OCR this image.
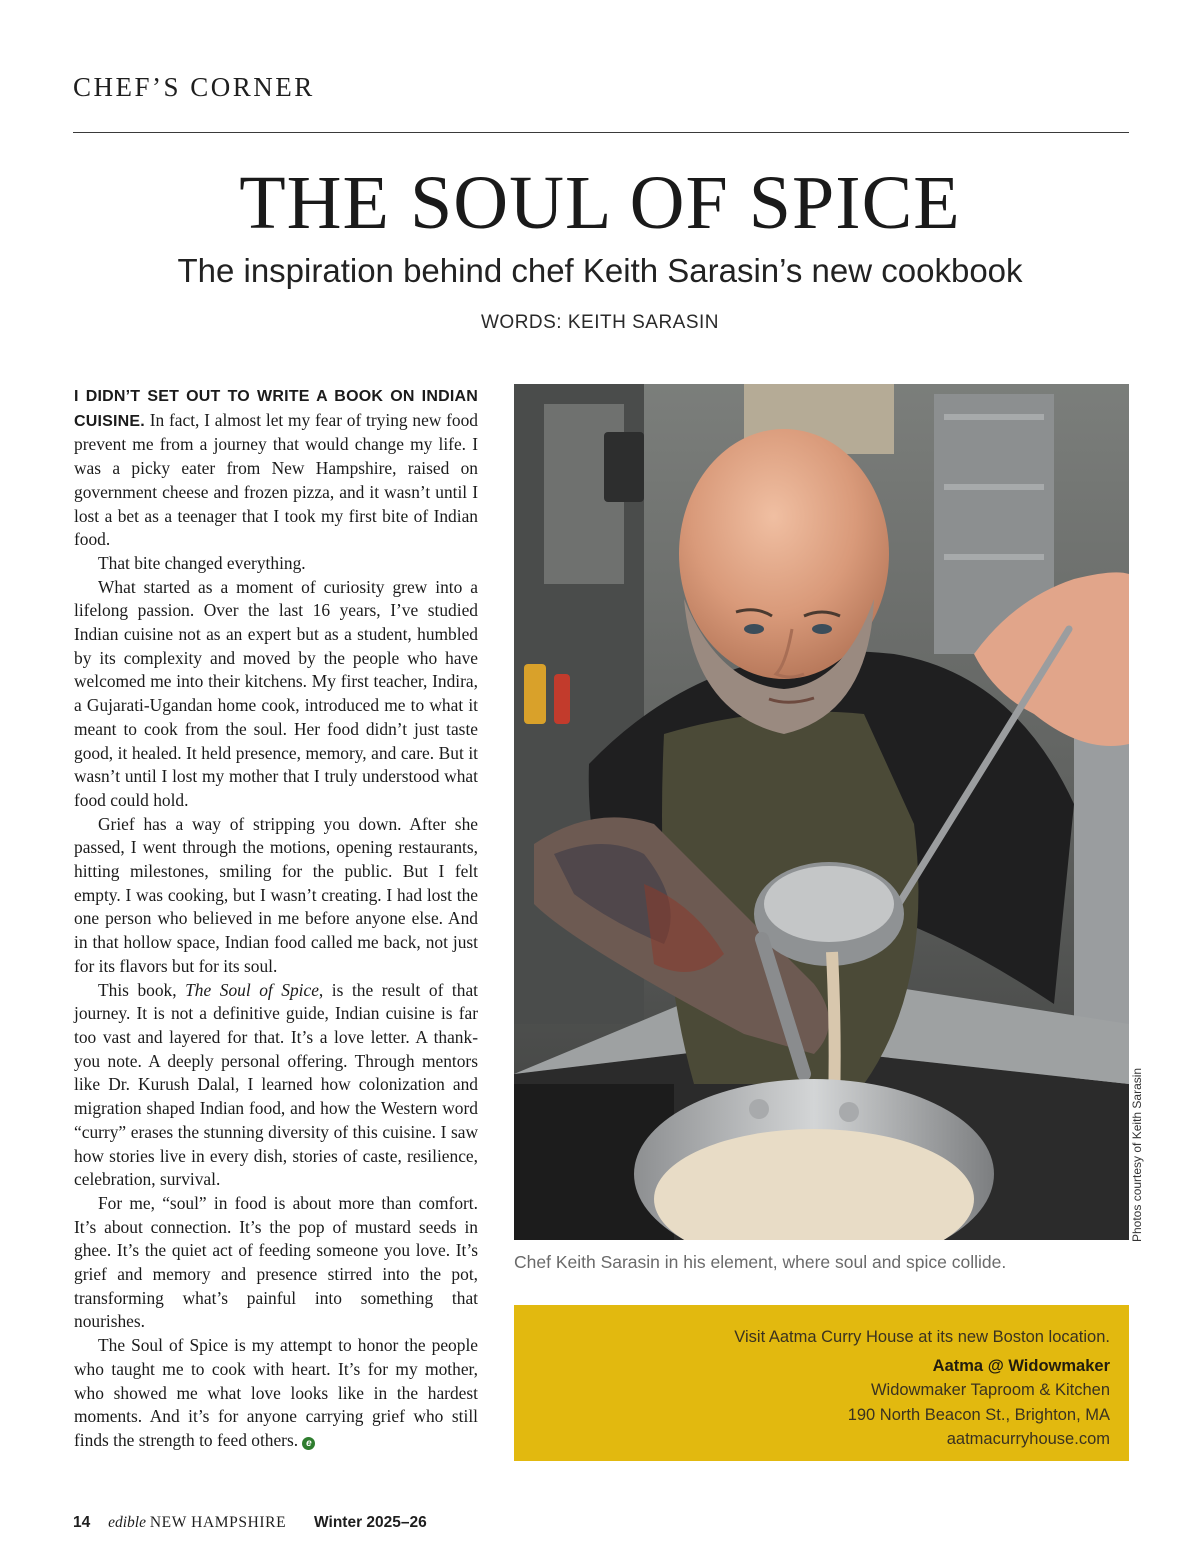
CHEF’S CORNER
THE SOUL OF SPICE
The inspiration behind chef Keith Sarasin’s new cookbook
WORDS: KEITH SARASIN

I DIDN’T SET OUT TO WRITE A BOOK ON INDIAN CUISINE. In fact, I almost let my fear of trying new food prevent me from a journey that would change my life. I was a picky eater from New Hampshire, raised on government cheese and frozen pizza, and it wasn’t until I lost a bet as a teenager that I took my first bite of Indian food.

That bite changed everything.

What started as a moment of curiosity grew into a lifelong passion. Over the last 16 years, I’ve studied Indian cuisine not as an expert but as a student, humbled by its complexity and moved by the people who have welcomed me into their kitchens. My first teacher, Indira, a Gujarati-Ugandan home cook, introduced me to what it meant to cook from the soul. Her food didn’t just taste good, it healed. It held presence, memory, and care. But it wasn’t until I lost my mother that I truly understood what food could hold.

Grief has a way of stripping you down. After she passed, I went through the motions, opening restaurants, hitting milestones, smiling for the public. But I felt empty. I was cooking, but I wasn’t creating. I had lost the one person who believed in me before anyone else. And in that hollow space, Indian food called me back, not just for its flavors but for its soul.

This book, The Soul of Spice, is the result of that journey. It is not a definitive guide, Indian cuisine is far too vast and layered for that. It’s a love letter. A thank-you note. A deeply personal offering. Through mentors like Dr. Kurush Dalal, I learned how colonization and migration shaped Indian food, and how the Western word “curry” erases the stunning diversity of this cuisine. I saw how stories live in every dish, stories of caste, resilience, celebration, survival.

For me, “soul” in food is about more than comfort. It’s about connection. It’s the pop of mustard seeds in ghee. It’s the quiet act of feeding someone you love. It’s grief and memory and presence stirred into the pot, transforming what’s painful into something that nourishes.

The Soul of Spice is my attempt to honor the people who taught me to cook with heart. It’s for my mother, who showed me what love looks like in the hardest moments. And it’s for anyone carrying grief who still finds the strength to feed others. e

Photos courtesy of Keith Sarasin
Chef Keith Sarasin in his element, where soul and spice collide.
Visit Aatma Curry House at its new Boston location.
Aatma @ Widowmaker
Widowmaker Taproom & Kitchen
190 North Beacon St., Brighton, MA
aatmacurryhouse.com
14 edible NEW HAMPSHIRE Winter 2025–26
